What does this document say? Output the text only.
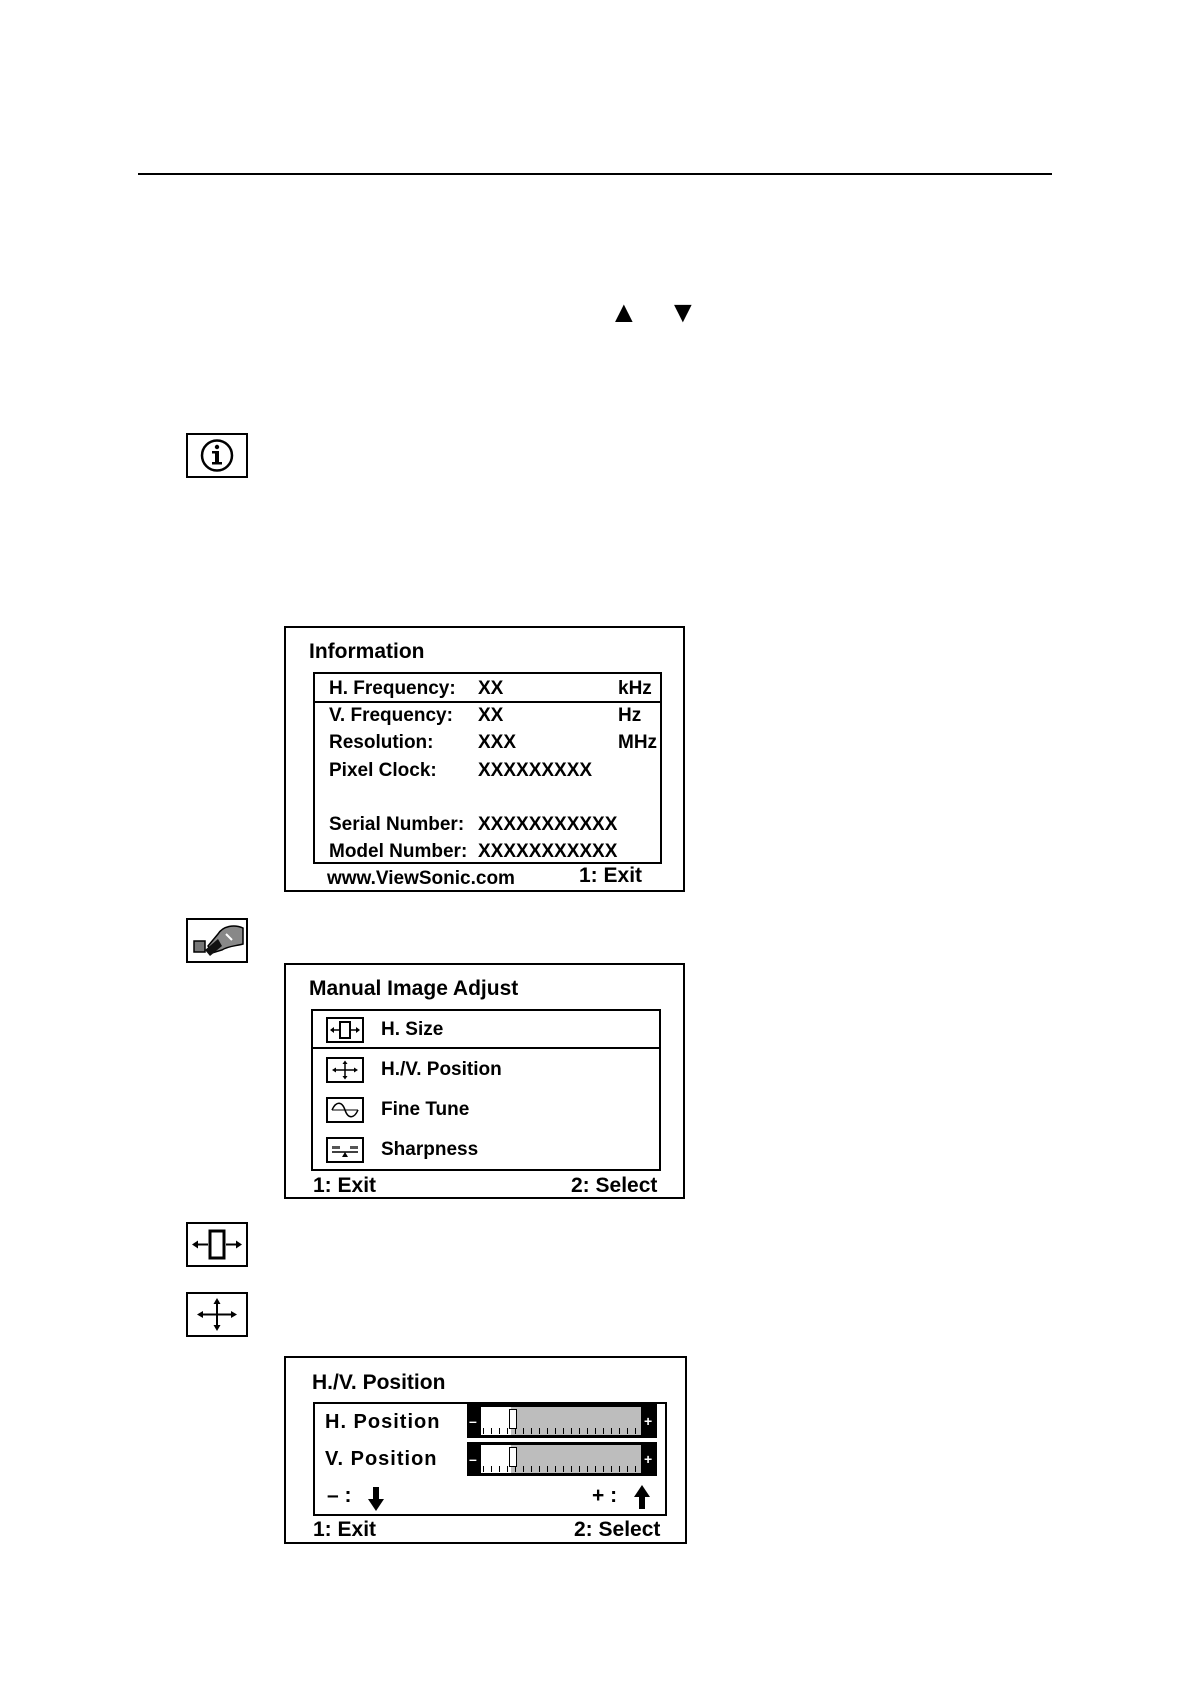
▲ ▼
Information
H. Frequency: XX	kHz
V. Frequency: XX	Hz
Resolution: XXX	MHz
Pixel Clock: XXXXXXXXX
Serial Number: XXXXXXXXXXX
Model Number: XXXXXXXXXXX
www.ViewSonic.com	1: Exit
Manual Image Adjust
H. Size
H./V. Position
Fine Tune
Sharpness
1: Exit	2: Select
H./V. Position
H. Position –	+
V. Position –	+
– :	+ :
1: Exit	2: Select
